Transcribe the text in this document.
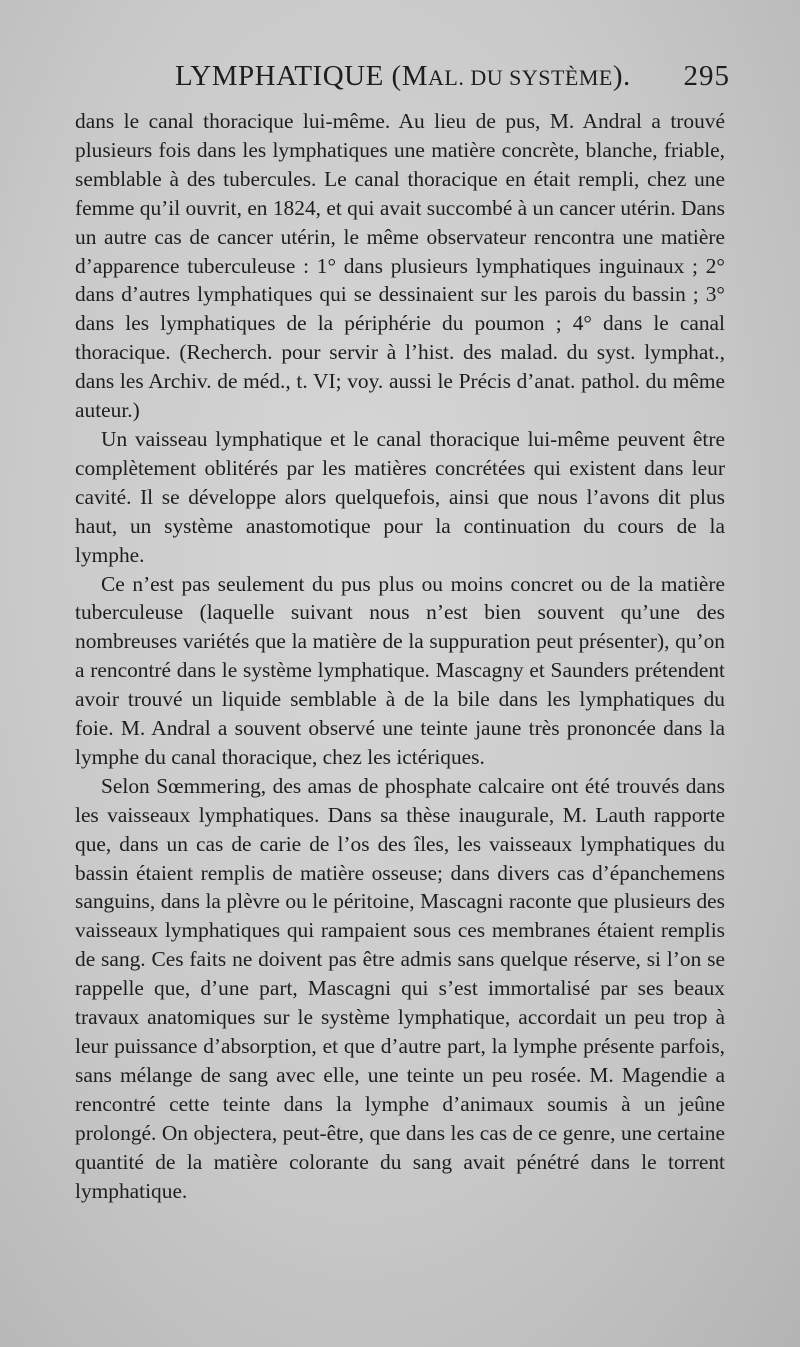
LYMPHATIQUE (MAL. DU SYSTÈME). 295

dans le canal thoracique lui-même. Au lieu de pus, M. Andral a trouvé plusieurs fois dans les lymphatiques une matière concrète, blanche, friable, semblable à des tubercules. Le canal thoracique en était rempli, chez une femme qu’il ouvrit, en 1824, et qui avait succombé à un cancer utérin. Dans un autre cas de cancer utérin, le même observateur rencontra une matière d’apparence tuberculeuse : 1° dans plusieurs lymphatiques inguinaux ; 2° dans d’autres lymphatiques qui se dessinaient sur les parois du bassin ; 3° dans les lymphatiques de la périphérie du poumon ; 4° dans le canal thoracique. (Recherch. pour servir à l’hist. des malad. du syst. lymphat., dans les Archiv. de méd., t. VI; voy. aussi le Précis d’anat. pathol. du même auteur.)

Un vaisseau lymphatique et le canal thoracique lui-même peuvent être complètement oblitérés par les matières concrétées qui existent dans leur cavité. Il se développe alors quelquefois, ainsi que nous l’avons dit plus haut, un système anastomotique pour la continuation du cours de la lymphe.

Ce n’est pas seulement du pus plus ou moins concret ou de la matière tuberculeuse (laquelle suivant nous n’est bien souvent qu’une des nombreuses variétés que la matière de la suppuration peut présenter), qu’on a rencontré dans le système lymphatique. Mascagny et Saunders prétendent avoir trouvé un liquide semblable à de la bile dans les lymphatiques du foie. M. Andral a souvent observé une teinte jaune très prononcée dans la lymphe du canal thoracique, chez les ictériques.

Selon Sœmmering, des amas de phosphate calcaire ont été trouvés dans les vaisseaux lymphatiques. Dans sa thèse inaugurale, M. Lauth rapporte que, dans un cas de carie de l’os des îles, les vaisseaux lymphatiques du bassin étaient remplis de matière osseuse; dans divers cas d’épanchemens sanguins, dans la plèvre ou le péritoine, Mascagni raconte que plusieurs des vaisseaux lymphatiques qui rampaient sous ces membranes étaient remplis de sang. Ces faits ne doivent pas être admis sans quelque réserve, si l’on se rappelle que, d’une part, Mascagni qui s’est immortalisé par ses beaux travaux anatomiques sur le système lymphatique, accordait un peu trop à leur puissance d’absorption, et que d’autre part, la lymphe présente parfois, sans mélange de sang avec elle, une teinte un peu rosée. M. Magendie a rencontré cette teinte dans la lymphe d’animaux soumis à un jeûne prolongé. On objectera, peut-être, que dans les cas de ce genre, une certaine quantité de la matière colorante du sang avait pénétré dans le torrent lymphatique.
